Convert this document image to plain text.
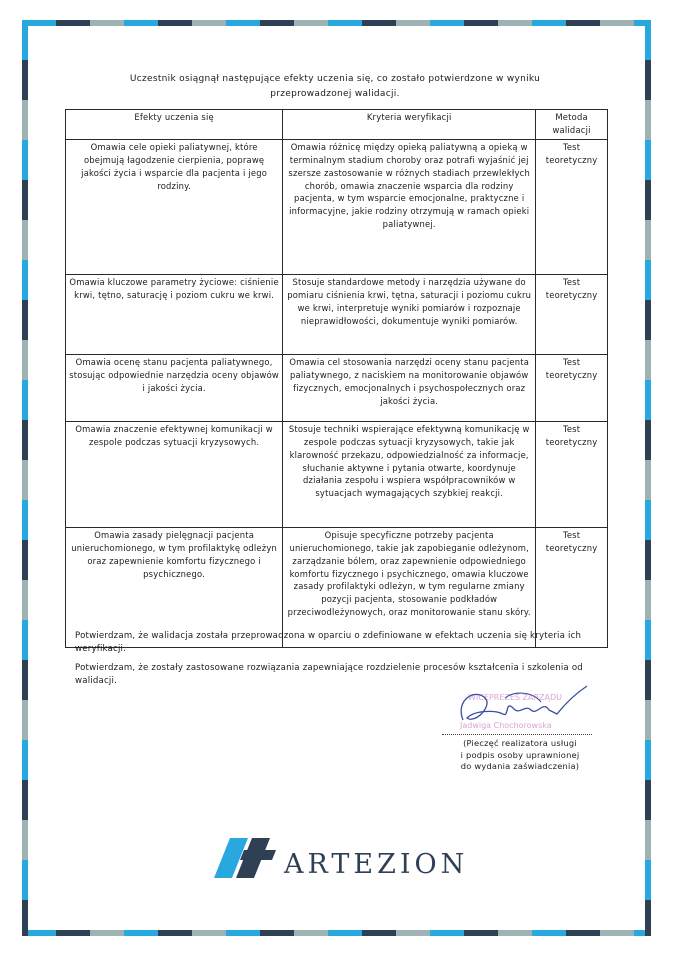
Uczestnik osiągnął następujące efekty uczenia się, co zostało potwierdzone w wyniku
przeprowadzonej walidacji.
Efekty uczenia się	Kryteria weryfikacji	Metoda walidacji
Omawia cele opieki paliatywnej, które obejmują łagodzenie cierpienia, poprawę jakości życia i wsparcie dla pacjenta i jego rodziny.	Omawia różnicę między opieką paliatywną a opieką w terminalnym stadium choroby oraz potrafi wyjaśnić jej szersze zastosowanie w różnych stadiach przewlekłych chorób, omawia znaczenie wsparcia dla rodziny pacjenta, w tym wsparcie emocjonalne, praktyczne i informacyjne, jakie rodziny otrzymują w ramach opieki paliatywnej.	Test teoretyczny
Omawia kluczowe parametry życiowe: ciśnienie krwi, tętno, saturację i poziom cukru we krwi.	Stosuje standardowe metody i narzędzia używane do pomiaru ciśnienia krwi, tętna, saturacji i poziomu cukru we krwi, interpretuje wyniki pomiarów i rozpoznaje nieprawidłowości, dokumentuje wyniki pomiarów.	Test teoretyczny
Omawia ocenę stanu pacjenta paliatywnego, stosując odpowiednie narzędzia oceny objawów i jakości życia.	Omawia cel stosowania narzędzi oceny stanu pacjenta paliatywnego, z naciskiem na monitorowanie objawów fizycznych, emocjonalnych i psychospołecznych oraz jakości życia.	Test teoretyczny
Omawia znaczenie efektywnej komunikacji w zespole podczas sytuacji kryzysowych.	Stosuje techniki wspierające efektywną komunikację w zespole podczas sytuacji kryzysowych, takie jak klarowność przekazu, odpowiedzialność za informacje, słuchanie aktywne i pytania otwarte, koordynuje działania zespołu i wspiera współpracowników w sytuacjach wymagających szybkiej reakcji.	Test teoretyczny
Omawia zasady pielęgnacji pacjenta unieruchomionego, w tym profilaktykę odleżyn oraz zapewnienie komfortu fizycznego i psychicznego.	Opisuje specyficzne potrzeby pacjenta unieruchomionego, takie jak zapobieganie odleżynom, zarządzanie bólem, oraz zapewnienie odpowiedniego komfortu fizycznego i psychicznego, omawia kluczowe zasady profilaktyki odleżyn, w tym regularne zmiany pozycji pacjenta, stosowanie podkładów przeciwodleżynowych, oraz monitorowanie stanu skóry.	Test teoretyczny
Potwierdzam, że walidacja została przeprowadzona w oparciu o zdefiniowane w efektach uczenia się kryteria ich weryfikacji.
Potwierdzam, że zostały zastosowane rozwiązania zapewniające rozdzielenie procesów kształcenia i szkolenia od walidacji.
WICEPREZES ZARZĄDU
Jadwiga Chochorowska
(Pieczęć realizatora usługi
i podpis osoby uprawnionej
do wydania zaświadczenia)
ARTEZION
